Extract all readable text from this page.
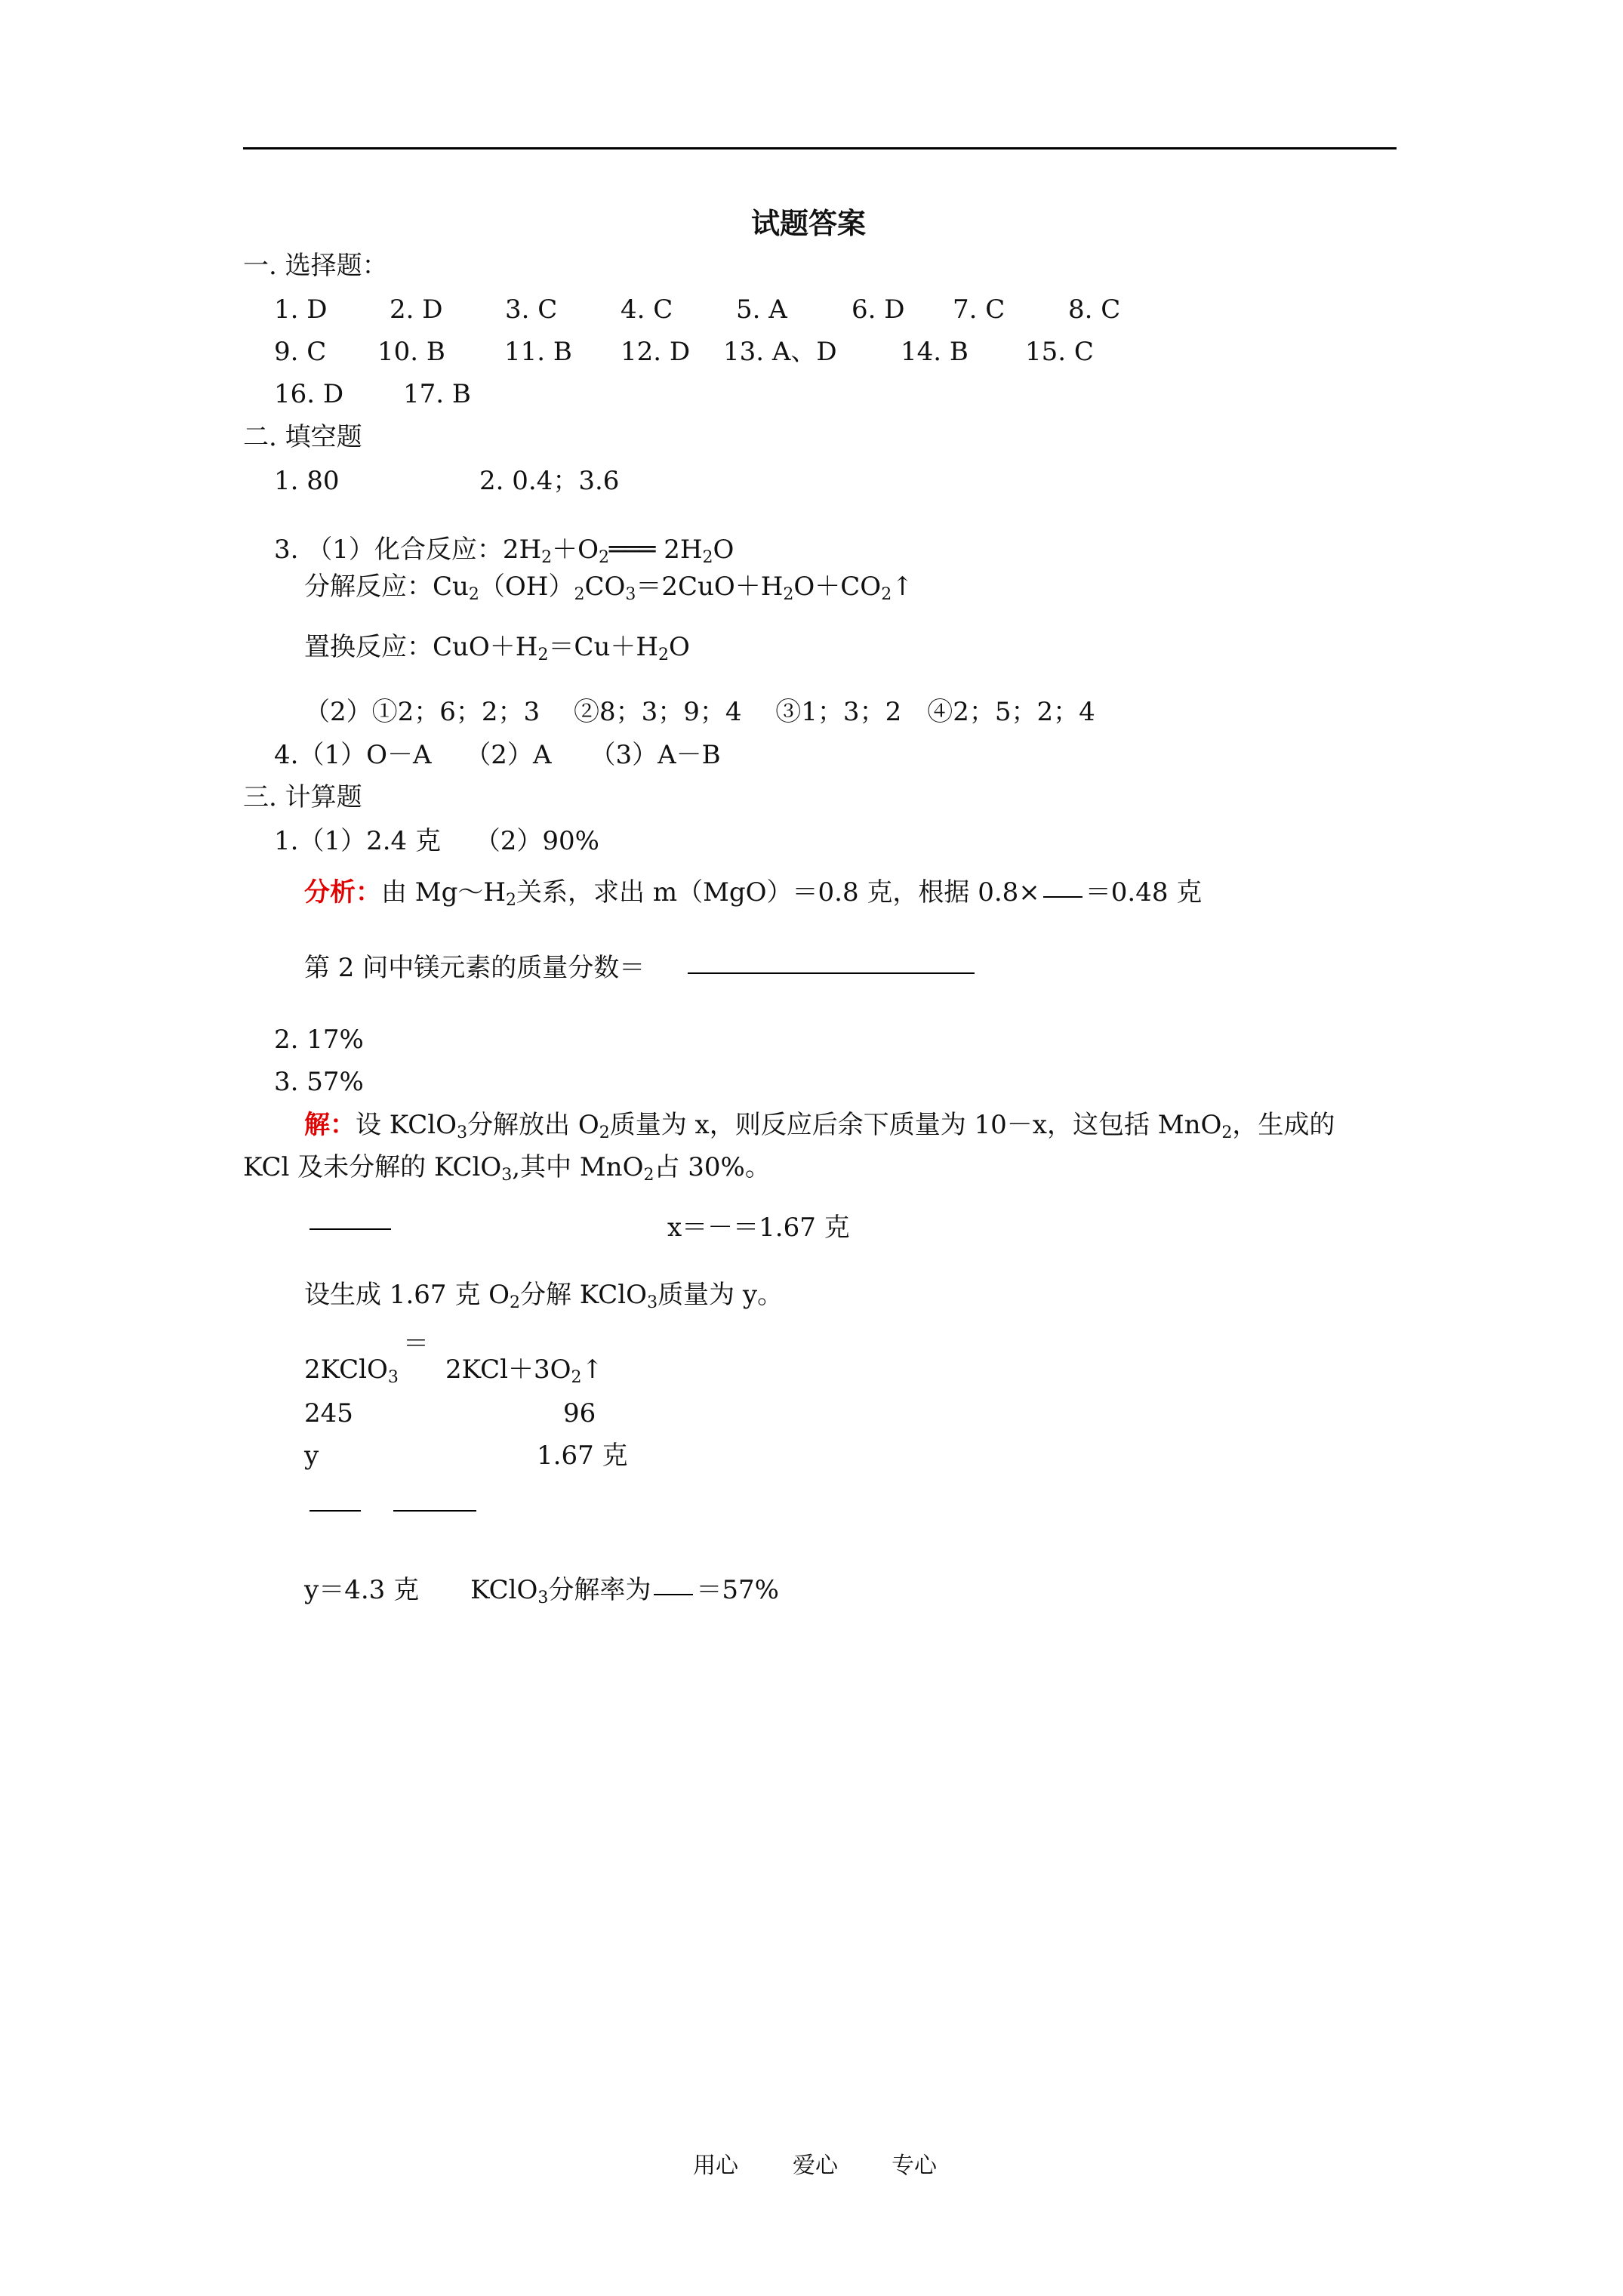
试题答案
一. 选择题：
1. D 2. D 3. C 4. C 5. A	6. D 7. C 8. C
9. C 10. B 11. B 12. D 13. A、D 14. B 15. C
16. D 17. B
二. 填空题
1. 80	2. 0.4；3.6
3. （1）化合反应：$2H_2+O_2═══$ $2H_2O$
分解反应：$Cu_2(OH)_2CO_3=2CuO+H_2O+CO_2↑$
置换反应：$CuO+H_2=Cu+H_2O$
（2）①2；6；2；3　 ②8；3；9；4　 ③1；3；2　④2；5；2；4
4.（1）O－A　 （2）A　　（3）A－B
三. 计算题
1.（1）2.4 克　 （2）90%
分析：由 $Mg\sim H_2$关系，求出 m（MgO）＝0.8 克，根据 0.8× ＝0.48 克
第 2 问中镁元素的质量分数＝
2. 17%
3. 57%
解：设 KClO$_3$分解放出 $O_2$质量为 x，则反应后余下质量为 10－x，这包括 MnO$_2$，生成的
KCl 及未分解的 KClO$_3$,其中 MnO$_2$占 30%。
x＝－＝1.67 克
设生成 1.67 克 $O_2$分解 KClO$_3$质量为 y。
＝
2KClO$_3$ $2KCl+3O_2↑$
245	96
y	1.67 克
y＝4.3 克　　KClO$_3$分解率为 ＝57%
用心 爱心 专心
